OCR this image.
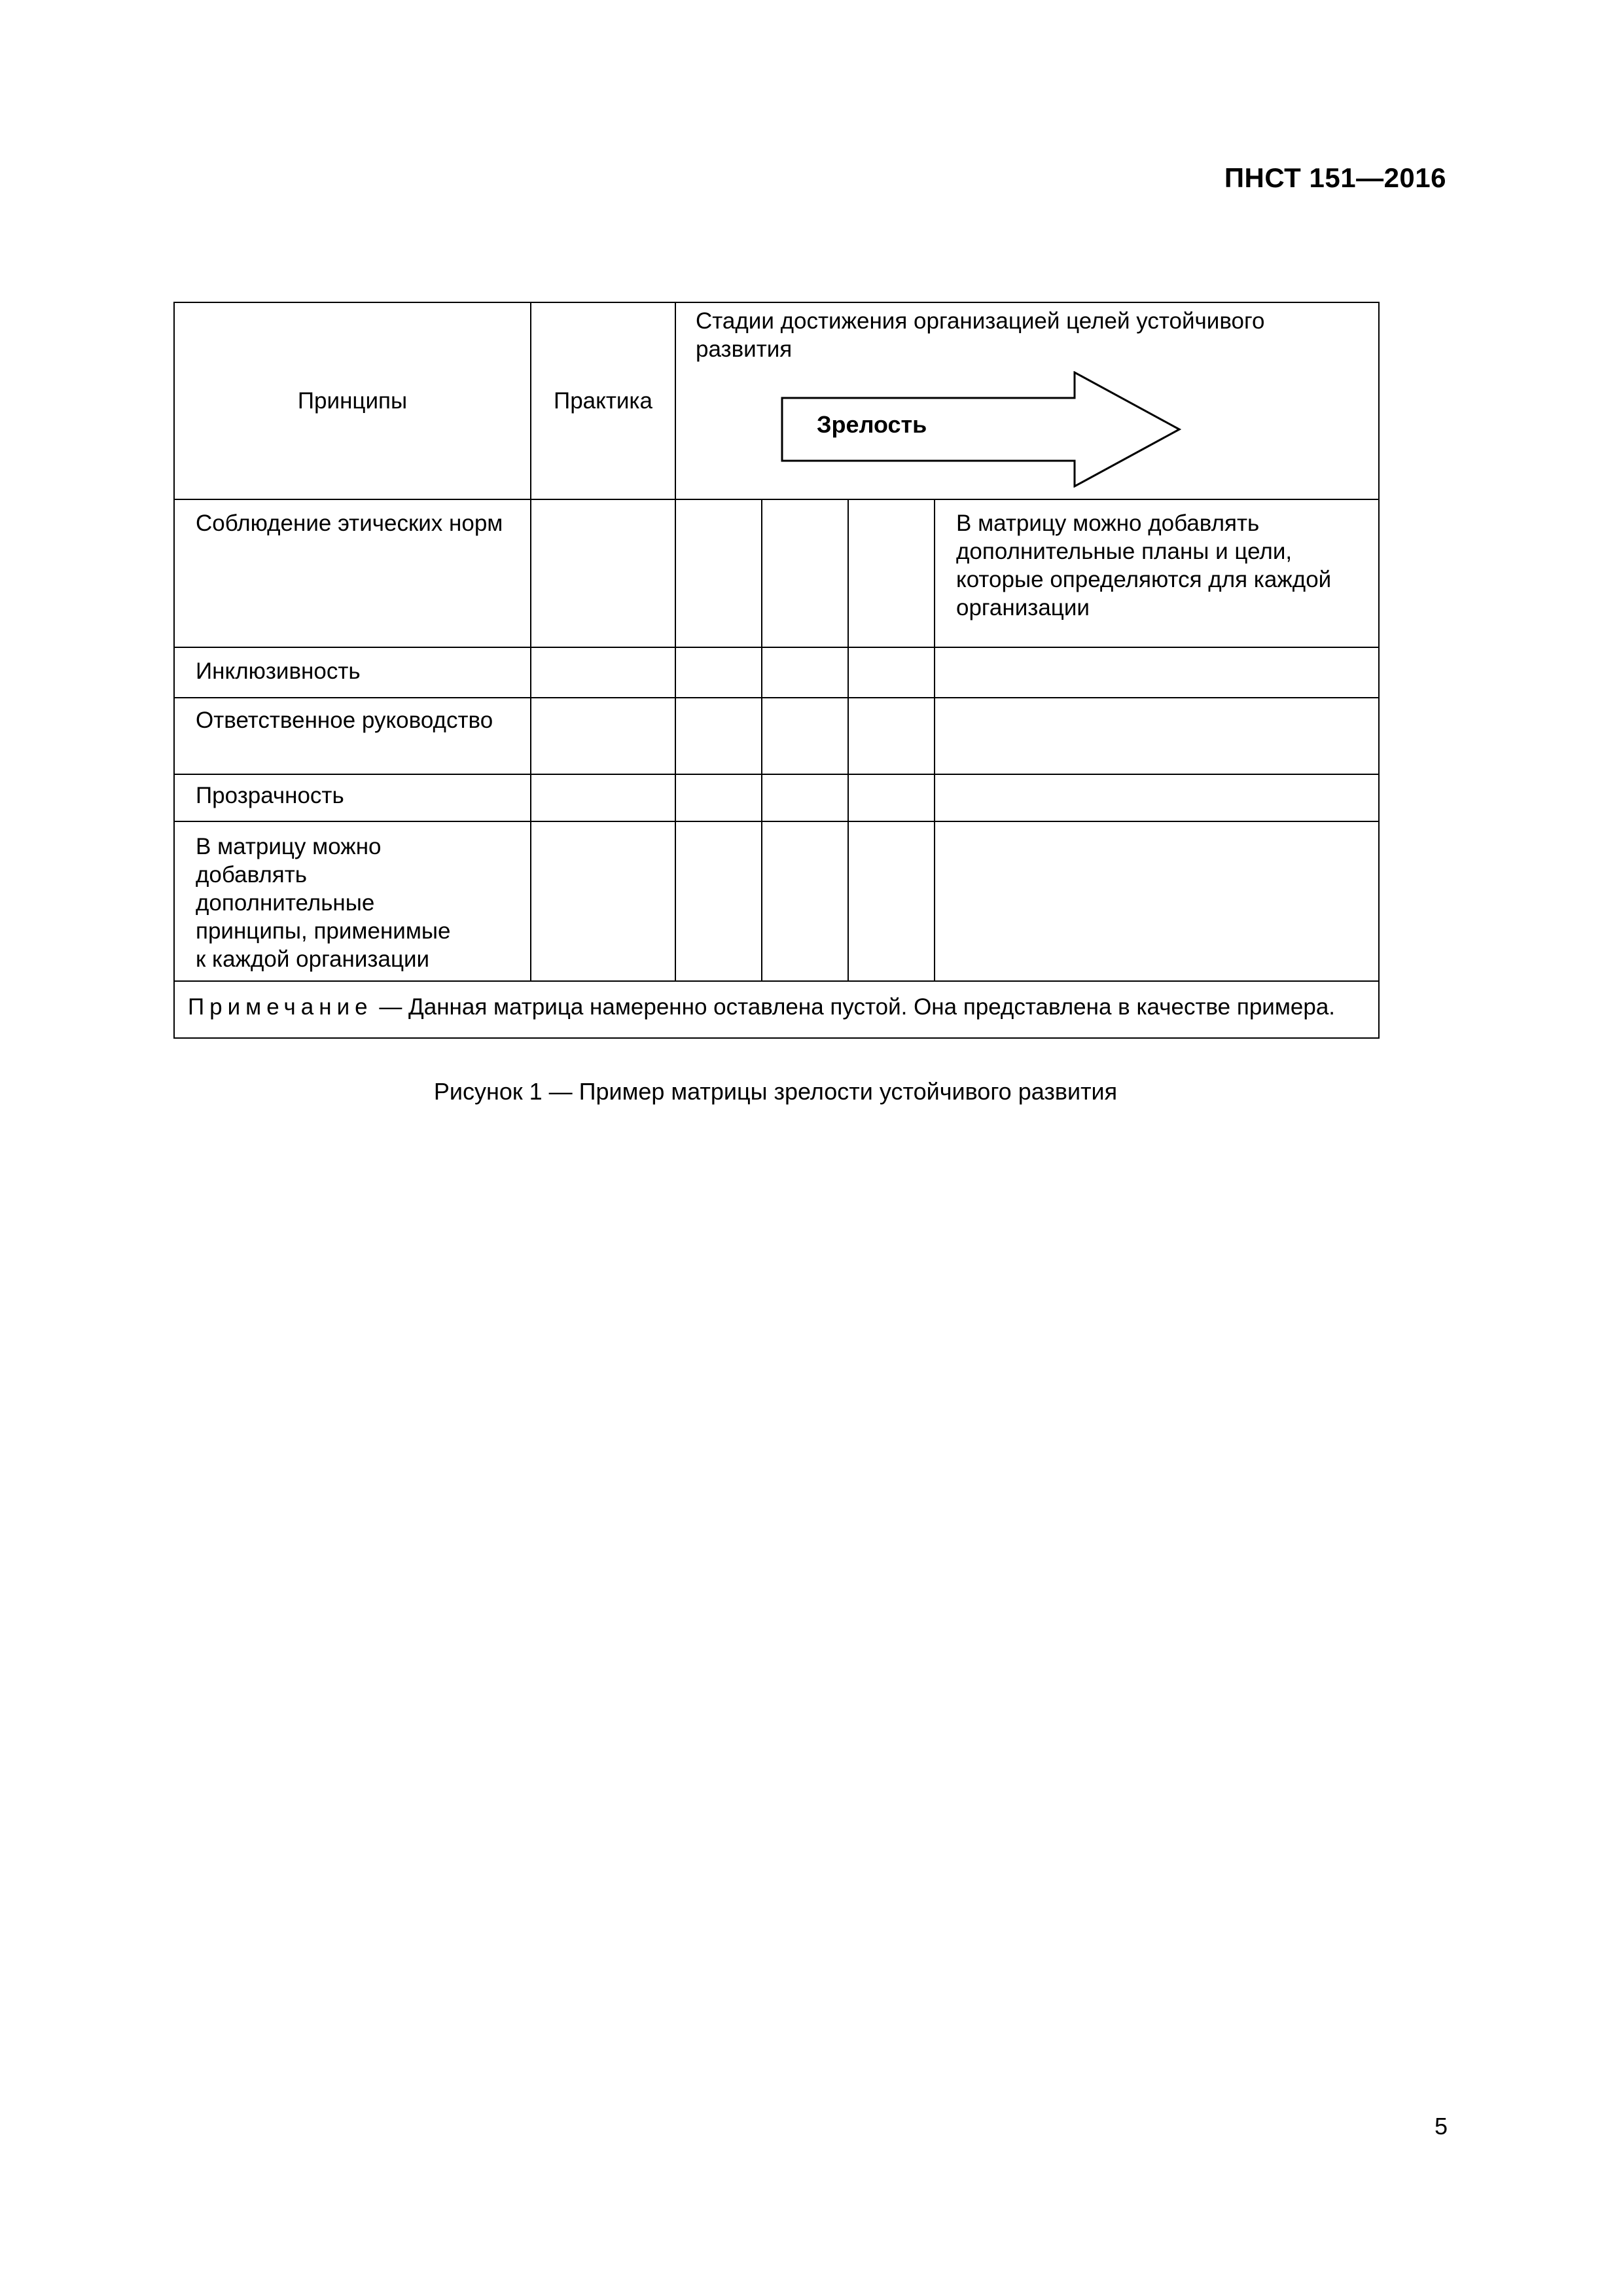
ПНСТ 151—2016
Принципы	Практика	Стадии достижения организацией целей устойчивого развития
Зрелость			

Соблюдение этических норм					В матрицу можно добавлять дополнительные планы и цели, которые определяются для каждой организации

Инклюзивность					

Ответственное руководство					

Прозрачность					

В матрицу можно добавлять дополнительные принципы, применимые к каждой организации					

Примечание — Данная матрица намеренно оставлена пустой. Она представлена в качестве примера.					
Рисунок 1 — Пример матрицы зрелости устойчивого развития
5
